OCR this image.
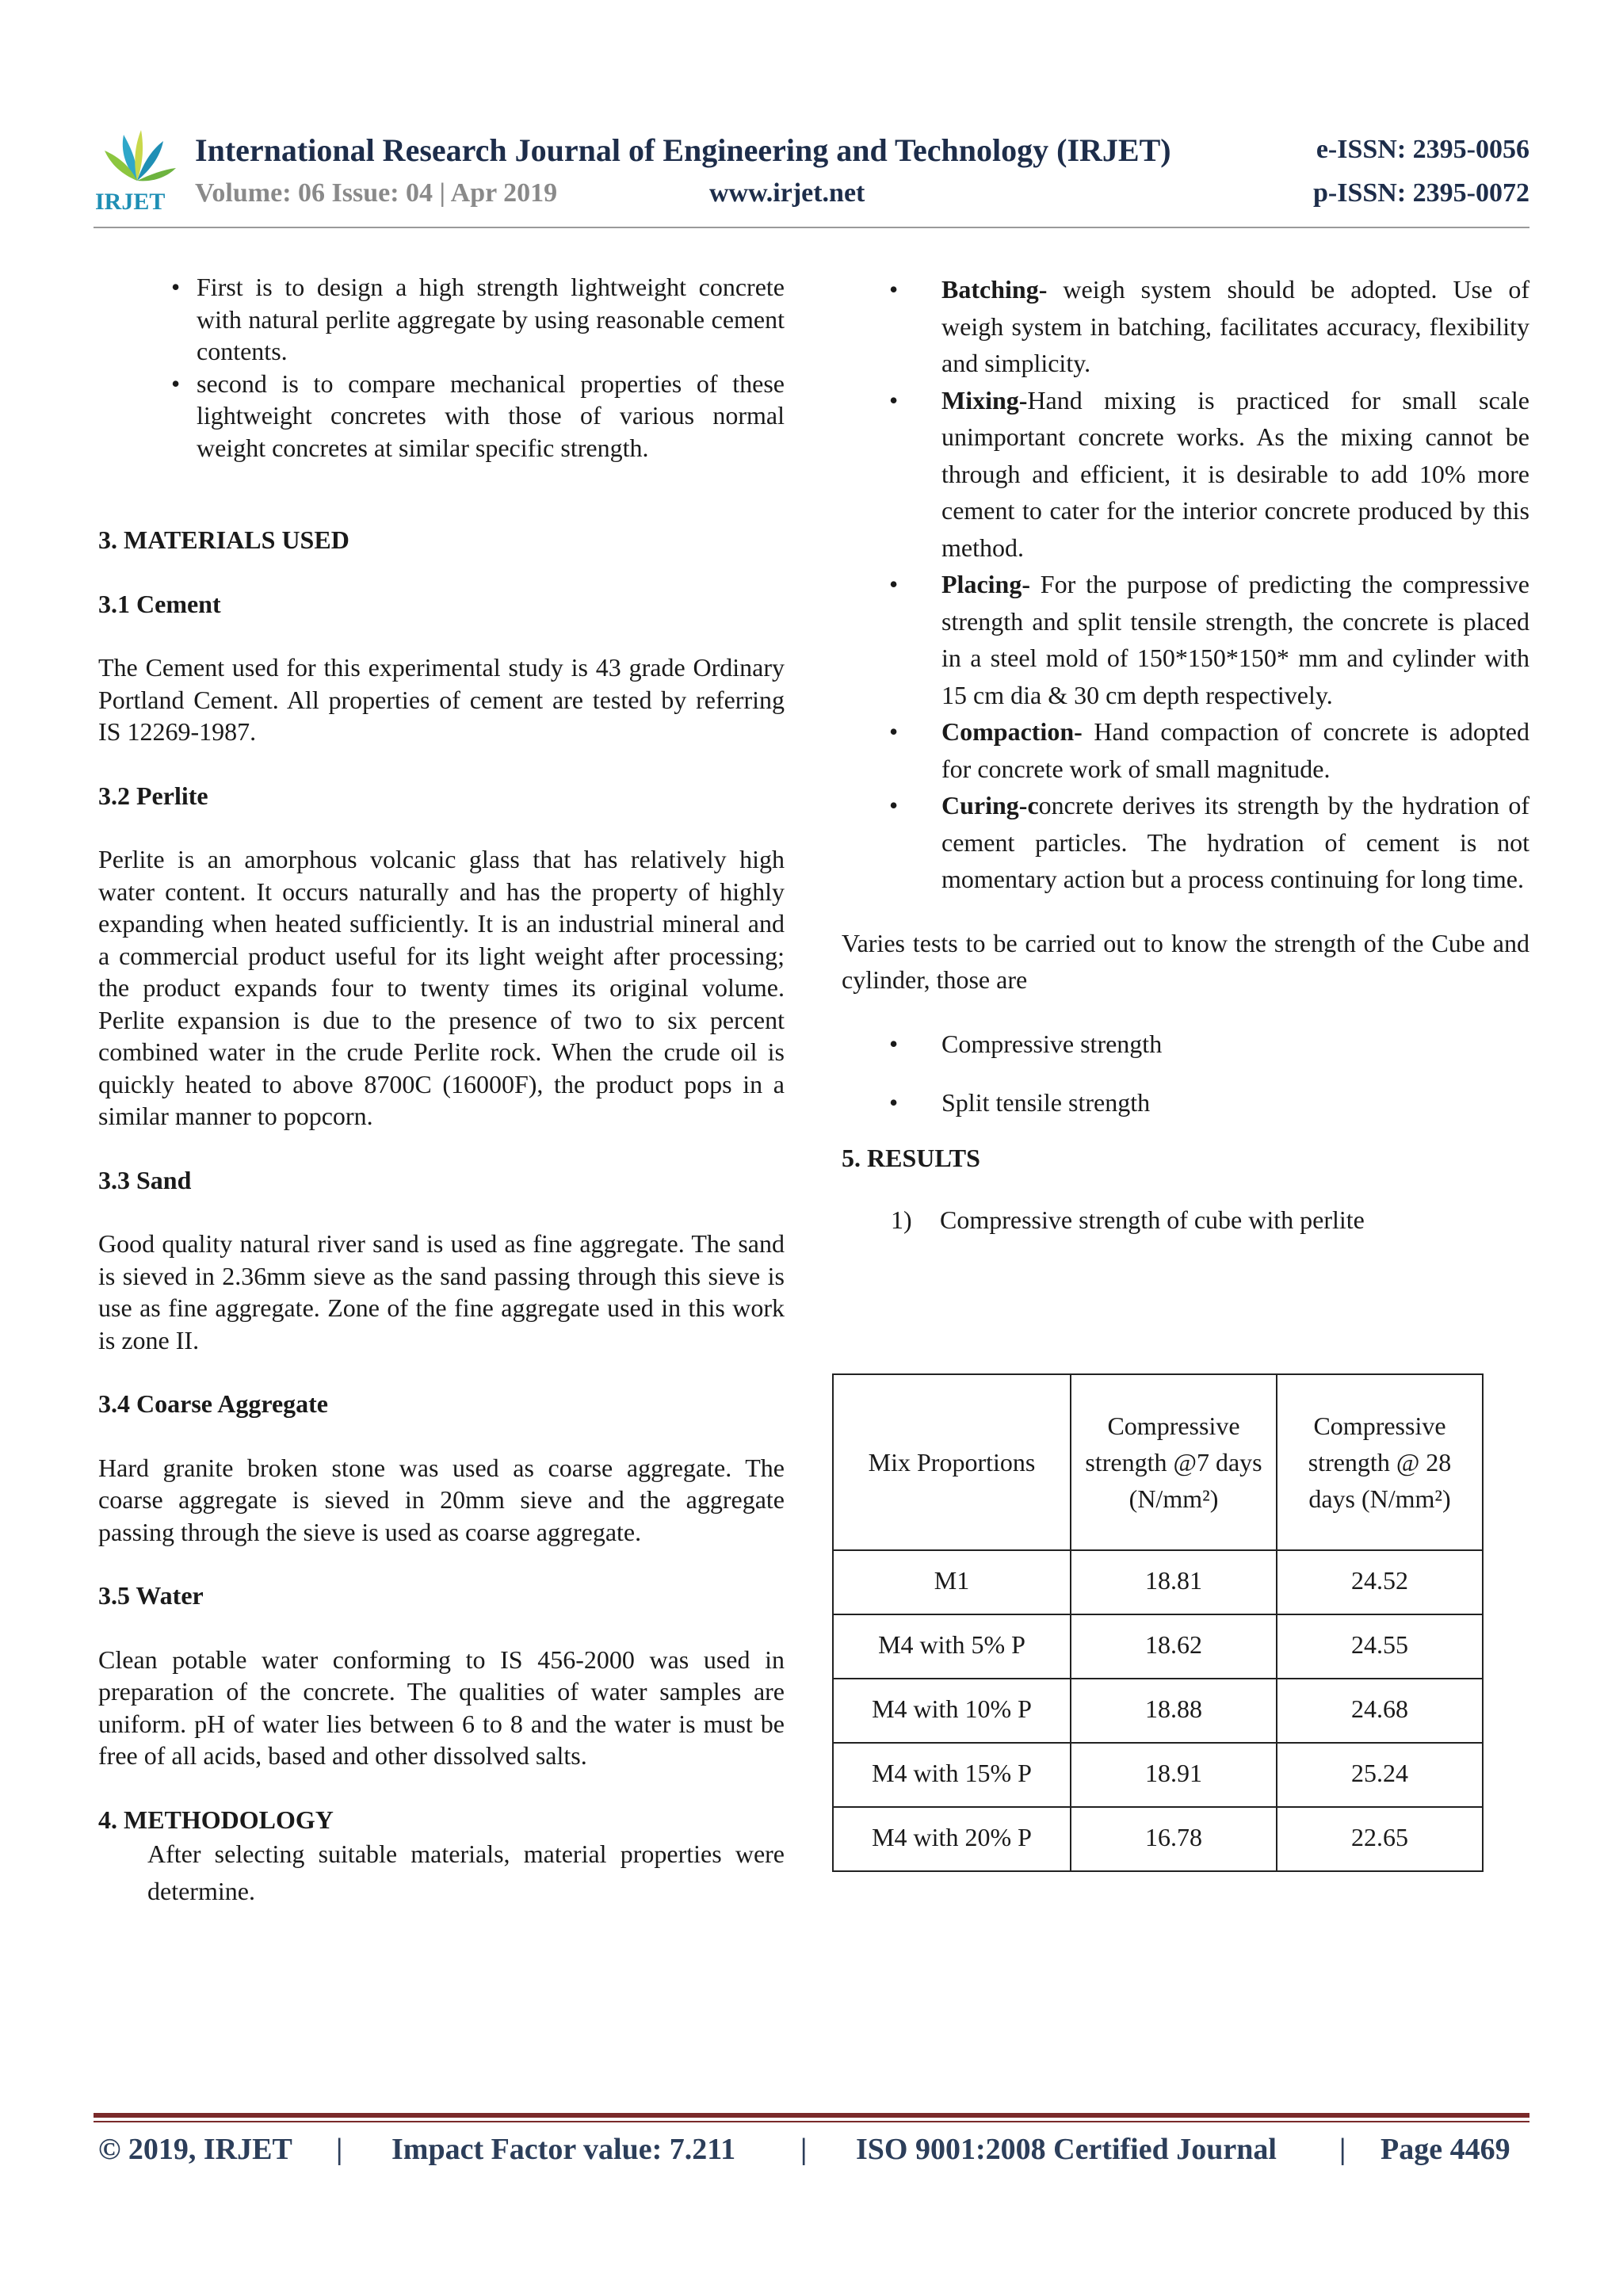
IRJET
International Research Journal of Engineering and Technology (IRJET)	e-ISSN: 2395-0056
Volume: 06 Issue: 04 | Apr 2019	www.irjet.net	p-ISSN: 2395-0072

• First is to design a high strength lightweight concrete with natural perlite aggregate by using reasonable cement contents.

• second is to compare mechanical properties of these lightweight concretes with those of various normal weight concretes at similar specific strength.

3. MATERIALS USED

3.1 Cement

The Cement used for this experimental study is 43 grade Ordinary Portland Cement. All properties of cement are tested by referring IS 12269-1987.

3.2 Perlite

Perlite is an amorphous volcanic glass that has relatively high water content. It occurs naturally and has the property of highly expanding when heated sufficiently. It is an industrial mineral and a commercial product useful for its light weight after processing; the product expands four to twenty times its original volume. Perlite expansion is due to the presence of two to six percent combined water in the crude Perlite rock. When the crude oil is quickly heated to above 8700C (16000F), the product pops in a similar manner to popcorn.

3.3 Sand

Good quality natural river sand is used as fine aggregate. The sand is sieved in 2.36mm sieve as the sand passing through this sieve is use as fine aggregate. Zone of the fine aggregate used in this work is zone II.

3.4 Coarse Aggregate

Hard granite broken stone was used as coarse aggregate. The coarse aggregate is sieved in 20mm sieve and the aggregate passing through the sieve is used as coarse aggregate.

3.5 Water

Clean potable water conforming to IS 456-2000 was used in preparation of the concrete. The qualities of water samples are uniform. pH of water lies between 6 to 8 and the water is must be free of all acids, based and other dissolved salts.

4. METHODOLOGY

After selecting suitable materials, material properties were determine.

• Batching- weigh system should be adopted. Use of weigh system in batching, facilitates accuracy, flexibility and simplicity.

• Mixing-Hand mixing is practiced for small scale unimportant concrete works. As the mixing cannot be through and efficient, it is desirable to add 10% more cement to cater for the interior concrete produced by this method.

• Placing- For the purpose of predicting the compressive strength and split tensile strength, the concrete is placed in a steel mold of 150*150*150* mm and cylinder with 15 cm dia & 30 cm depth respectively.

• Compaction- Hand compaction of concrete is adopted for concrete work of small magnitude.

• Curing-concrete derives its strength by the hydration of cement particles. The hydration of cement is not momentary action but a process continuing for long time.

Varies tests to be carried out to know the strength of the Cube and cylinder, those are

• Compressive strength

• Split tensile strength

5. RESULTS

1) Compressive strength of cube with perlite
Mix Proportions	Compressive strength @7 days (N/mm²)	Compressive strength @ 28 days (N/mm²)
M1	18.81	24.52
M4 with 5% P	18.62	24.55
M4 with 10% P	18.88	24.68
M4 with 15% P	18.91	25.24
M4 with 20% P	16.78	22.65
© 2019, IRJET | Impact Factor value: 7.211 | ISO 9001:2008 Certified Journal | Page 4469
